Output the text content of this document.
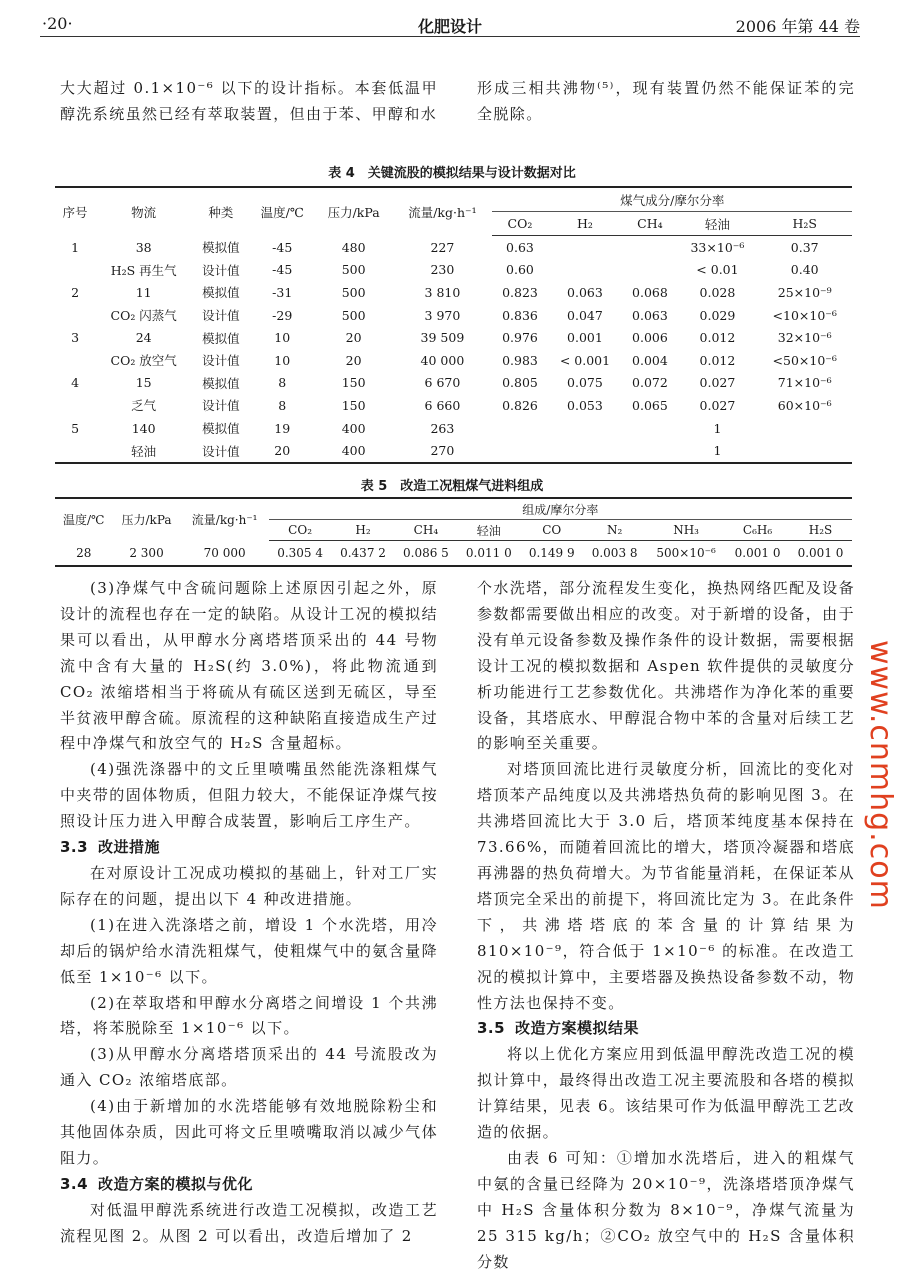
·20·	化肥设计	2006 年第 44 卷

大大超过 0.1×10⁻⁶ 以下的设计指标。本套低温甲醇洗系统虽然已经有萃取装置，但由于苯、甲醇和水

形成三相共沸物⁽⁵⁾，现有装置仍然不能保证苯的完全脱除。

表 4　关键流股的模拟结果与设计数据对比
序号	物流	种类	温度/℃	压力/kPa	流量/kg·h⁻¹	煤气成分/摩尔分率				
						CO₂	H₂	CH₄	轻油	H₂S
1	38	模拟值	-45	480	227	0.63			33×10⁻⁶	0.37
	H₂S 再生气	设计值	-45	500	230	0.60			< 0.01	0.40
2	11	模拟值	-31	500	3 810	0.823	0.063	0.068	0.028	25×10⁻⁹
	CO₂ 闪蒸气	设计值	-29	500	3 970	0.836	0.047	0.063	0.029	<10×10⁻⁶
3	24	模拟值	10	20	39 509	0.976	0.001	0.006	0.012	32×10⁻⁶
	CO₂ 放空气	设计值	10	20	40 000	0.983	< 0.001	0.004	0.012	<50×10⁻⁶
4	15	模拟值	8	150	6 670	0.805	0.075	0.072	0.027	71×10⁻⁶
	乏气	设计值	8	150	6 660	0.826	0.053	0.065	0.027	60×10⁻⁶
5	140	模拟值	19	400	263				1	
	轻油	设计值	20	400	270				1	
表 5　改造工况粗煤气进料组成
温度/℃	压力/kPa	流量/kg·h⁻¹	组成/摩尔分率								
			CO₂	H₂	CH₄	轻油	CO	N₂	NH₃	C₆H₆	H₂S
28	2 300	70 000	0.305 4	0.437 2	0.086 5	0.011 0	0.149 9	0.003 8	500×10⁻⁶	0.001 0	0.001 0

(3)净煤气中含硫问题除上述原因引起之外，原设计的流程也存在一定的缺陷。从设计工况的模拟结果可以看出，从甲醇水分离塔塔顶采出的 44 号物流中含有大量的 H₂S(约 3.0%)，将此物流通到 CO₂ 浓缩塔相当于将硫从有硫区送到无硫区，导至半贫液甲醇含硫。原流程的这种缺陷直接造成生产过程中净煤气和放空气的 H₂S 含量超标。

(4)强洗涤器中的文丘里喷嘴虽然能洗涤粗煤气中夹带的固体物质，但阻力较大，不能保证净煤气按照设计压力进入甲醇合成装置，影响后工序生产。

3.3 改进措施

在对原设计工况成功模拟的基础上，针对工厂实际存在的问题，提出以下 4 种改进措施。

(1)在进入洗涤塔之前，增设 1 个水洗塔，用冷却后的锅炉给水清洗粗煤气，使粗煤气中的氨含量降低至 1×10⁻⁶ 以下。

(2)在萃取塔和甲醇水分离塔之间增设 1 个共沸塔，将苯脱除至 1×10⁻⁶ 以下。

(3)从甲醇水分离塔塔顶采出的 44 号流股改为通入 CO₂ 浓缩塔底部。

(4)由于新增加的水洗塔能够有效地脱除粉尘和其他固体杂质，因此可将文丘里喷嘴取消以减少气体阻力。

3.4 改造方案的模拟与优化

对低温甲醇洗系统进行改造工况模拟，改造工艺流程见图 2。从图 2 可以看出，改造后增加了 2

个水洗塔，部分流程发生变化，换热网络匹配及设备参数都需要做出相应的改变。对于新增的设备，由于没有单元设备参数及操作条件的设计数据，需要根据设计工况的模拟数据和 Aspen 软件提供的灵敏度分析功能进行工艺参数优化。共沸塔作为净化苯的重要设备，其塔底水、甲醇混合物中苯的含量对后续工艺的影响至关重要。

对塔顶回流比进行灵敏度分析，回流比的变化对塔顶苯产品纯度以及共沸塔热负荷的影响见图 3。在共沸塔回流比大于 3.0 后，塔顶苯纯度基本保持在 73.66%，而随着回流比的增大，塔顶冷凝器和塔底再沸器的热负荷增大。为节省能量消耗，在保证苯从塔顶完全采出的前提下，将回流比定为 3。在此条件下，共沸塔塔底的苯含量的计算结果为 810×10⁻⁹，符合低于 1×10⁻⁶ 的标准。在改造工况的模拟计算中，主要塔器及换热设备参数不动，物性方法也保持不变。

3.5 改造方案模拟结果

将以上优化方案应用到低温甲醇洗改造工况的模拟计算中，最终得出改造工况主要流股和各塔的模拟计算结果，见表 6。该结果可作为低温甲醇洗工艺改造的依据。

由表 6 可知：①增加水洗塔后，进入的粗煤气中氨的含量已经降为 20×10⁻⁹，洗涤塔塔顶净煤气中 H₂S 含量体积分数为 8×10⁻⁹，净煤气流量为 25 315 kg/h；②CO₂ 放空气中的 H₂S 含量体积分数

www.cnmhg.com
